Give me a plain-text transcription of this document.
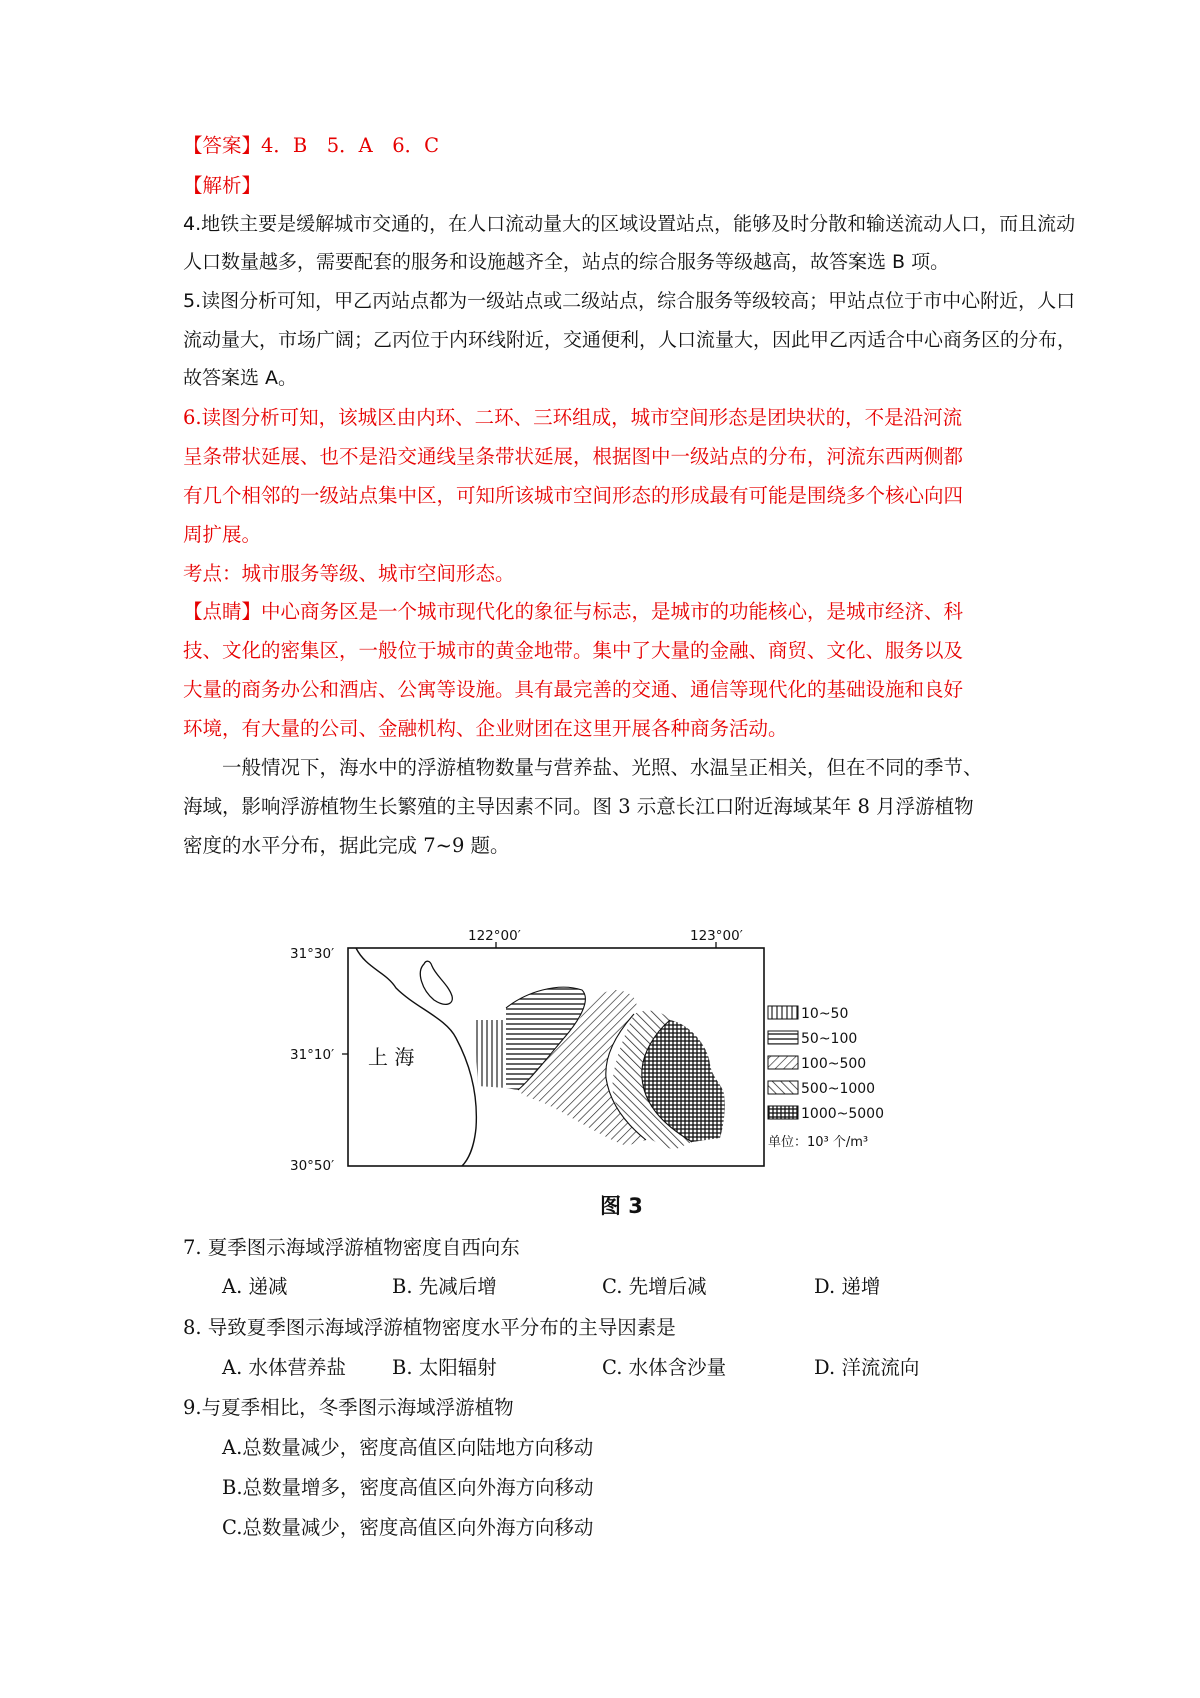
【答案】4．B　5．A　6．C
【解析】
4.地铁主要是缓解城市交通的，在人口流动量大的区域设置站点，能够及时分散和输送流动人口，而且流动
人口数量越多，需要配套的服务和设施越齐全，站点的综合服务等级越高，故答案选 B 项。
5.读图分析可知，甲乙丙站点都为一级站点或二级站点，综合服务等级较高；甲站点位于市中心附近，人口
流动量大，市场广阔；乙丙位于内环线附近，交通便利，人口流量大，因此甲乙丙适合中心商务区的分布，
故答案选 A。
6.读图分析可知，该城区由内环、二环、三环组成，城市空间形态是团块状的，不是沿河流
呈条带状延展、也不是沿交通线呈条带状延展，根据图中一级站点的分布，河流东西两侧都
有几个相邻的一级站点集中区，可知所该城市空间形态的形成最有可能是围绕多个核心向四
周扩展。
考点：城市服务等级、城市空间形态。
【点睛】中心商务区是一个城市现代化的象征与标志，是城市的功能核心，是城市经济、科
技、文化的密集区，一般位于城市的黄金地带。集中了大量的金融、商贸、文化、服务以及
大量的商务办公和酒店、公寓等设施。具有最完善的交通、通信等现代化的基础设施和良好
环境，有大量的公司、金融机构、企业财团在这里开展各种商务活动。
　　一般情况下，海水中的浮游植物数量与营养盐、光照、水温呈正相关，但在不同的季节、
海域，影响浮游植物生长繁殖的主导因素不同。图 3 示意长江口附近海域某年 8 月浮游植物
密度的水平分布，据此完成 7~9 题。
31°30′
31°10′
30°50′
122°00′	123°00′
上 海
10~50
50~100
100~500
500~1000
1000~5000
单位：10³ 个/m³
图 3
7. 夏季图示海域浮游植物密度自西向东
A. 递减	B. 先减后增	C. 先增后减	D. 递增
8. 导致夏季图示海域浮游植物密度水平分布的主导因素是
A. 水体营养盐 B. 太阳辐射	C. 水体含沙量	D. 洋流流向
9.与夏季相比，冬季图示海域浮游植物
A.总数量减少，密度高值区向陆地方向移动
B.总数量增多，密度高值区向外海方向移动
C.总数量减少，密度高值区向外海方向移动
